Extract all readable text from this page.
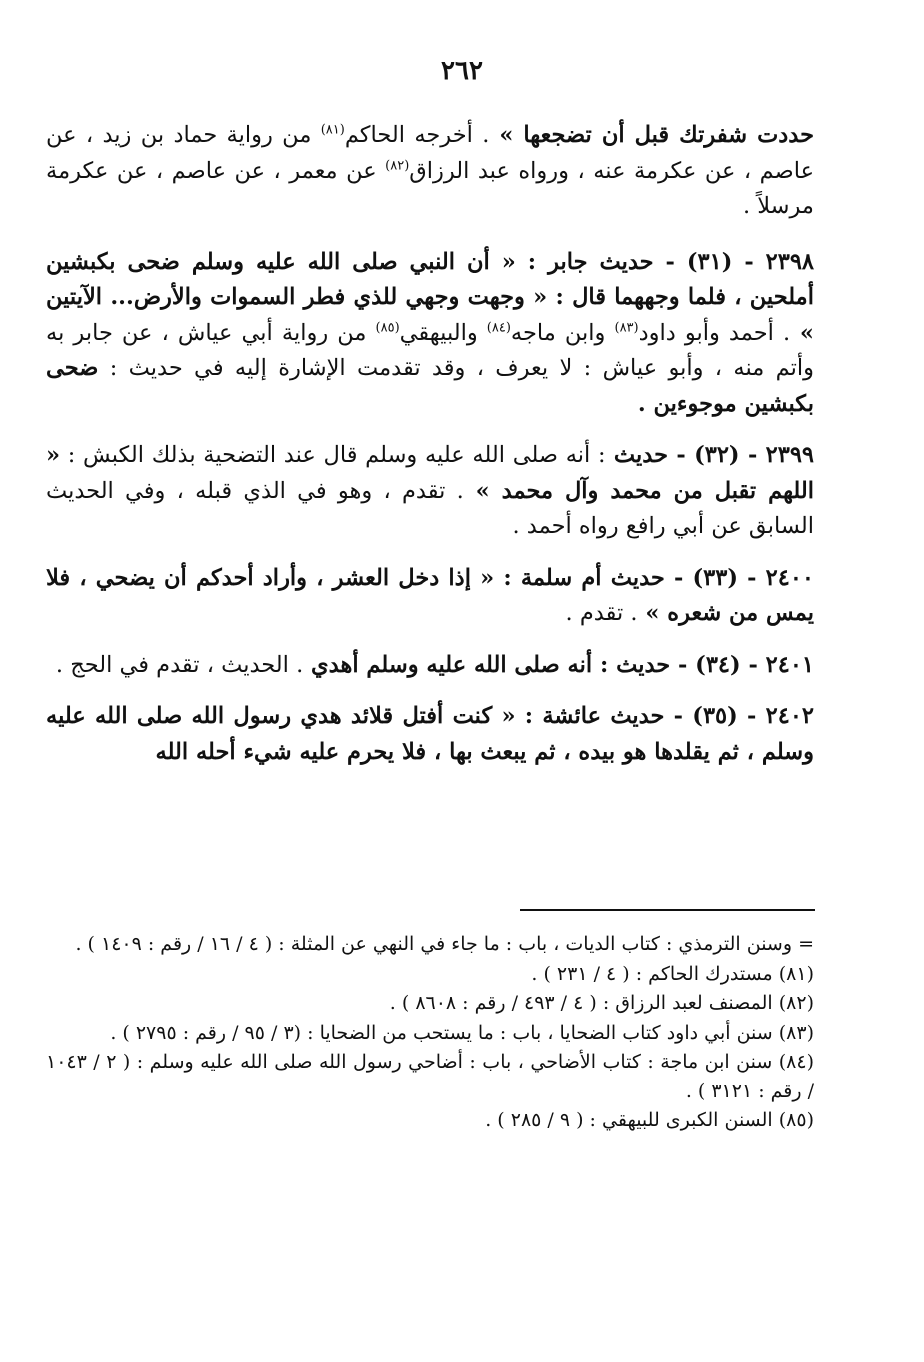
٢٦٢

حددت شفرتك قبل أن تضجعها » . أخرجه الحاكم$^{(٨١)}$ من رواية حماد بن زيد ، عن عاصم ، عن عكرمة عنه ، ورواه عبد الرزاق$^{(٨٢)}$ عن معمر ، عن عاصم ، عن عكرمة مرسلاً .

٢٣٩٨ - (٣١) - حديث جابر : « أن النبي صلى الله عليه وسلم ضحى بكبشين أملحين ، فلما وجههما قال : « وجهت وجهي للذي فطر السموات والأرض... الآيتين » . أحمد وأبو داود$^{(٨٣)}$ وابن ماجه$^{(٨٤)}$ والبيهقي$^{(٨٥)}$ من رواية أبي عياش ، عن جابر به وأتم منه ، وأبو عياش : لا يعرف ، وقد تقدمت الإشارة إليه في حديث : ضحى بكبشين موجوءين .

٢٣٩٩ - (٣٢) - حديث : أنه صلى الله عليه وسلم قال عند التضحية بذلك الكبش : « اللهم تقبل من محمد وآل محمد » . تقدم ، وهو في الذي قبله ، وفي الحديث السابق عن أبي رافع رواه أحمد .

٢٤٠٠ - (٣٣) - حديث أم سلمة : « إذا دخل العشر ، وأراد أحدكم أن يضحي ، فلا يمس من شعره » . تقدم .

٢٤٠١ - (٣٤) - حديث : أنه صلى الله عليه وسلم أهدي . الحديث ، تقدم في الحج .

٢٤٠٢ - (٣٥) - حديث عائشة : « كنت أفتل قلائد هدي رسول الله صلى الله عليه وسلم ، ثم يقلدها هو بيده ، ثم يبعث بها ، فلا يحرم عليه شيء أحله الله

= وسنن الترمذي : كتاب الديات ، باب : ما جاء في النهي عن المثلة : ( ٤ / ١٦ / رقم : ١٤٠٩ ) .

(٨١) مستدرك الحاكم : ( ٤ / ٢٣١ ) .

(٨٢) المصنف لعبد الرزاق : ( ٤ / ٤٩٣ / رقم : ٨٦٠٨ ) .

(٨٣) سنن أبي داود كتاب الضحايا ، باب : ما يستحب من الضحايا : (٣ / ٩٥ / رقم : ٢٧٩٥ ) .

(٨٤) سنن ابن ماجة : كتاب الأضاحي ، باب : أضاحي رسول الله صلى الله عليه وسلم : ( ٢ / ١٠٤٣ / رقم : ٣١٢١ ) .

(٨٥) السنن الكبرى للبيهقي : ( ٩ / ٢٨٥ ) .
